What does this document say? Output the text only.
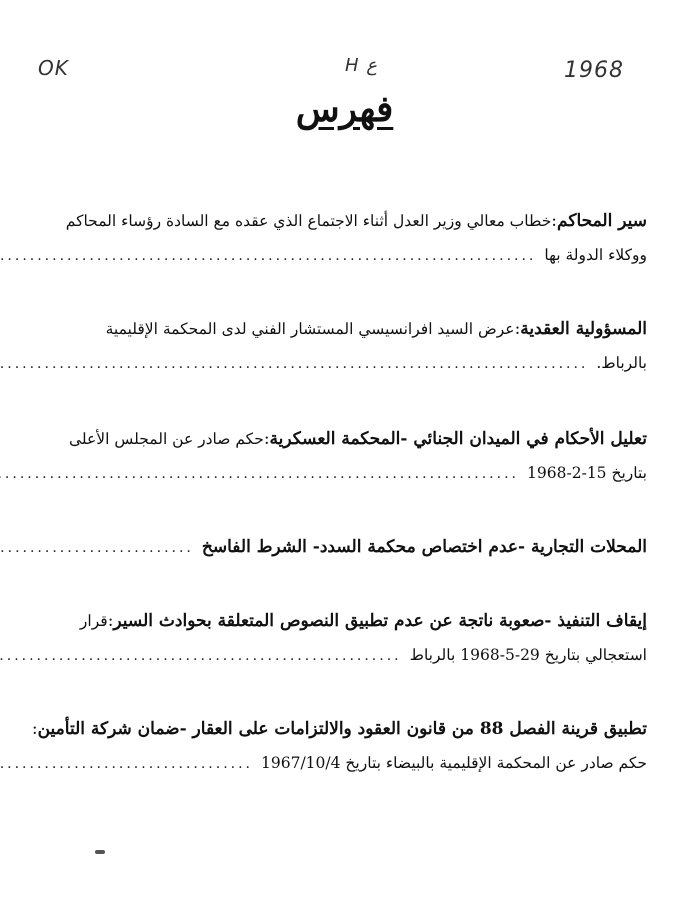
OK	H ع	1968
فهرس
سير المحاكم
:
خطاب معالي وزير العدل أثناء الاجتماع الذي عقده مع السادة رؤساء المحاكم
ووكلاء الدولة بها
.....
المسؤولية العقدية
:
عرض السيد افرانسيسي المستشار الفني لدى المحكمة الإقليمية
بالرباط.
.....
تعليل الأحكام في الميدان الجنائي -المحكمة العسكرية
:
حكم صادر عن المجلس الأعلى
بتاريخ 15-2-1968
.....
المحلات التجارية -عدم اختصاص محكمة السدد- الشرط الفاسخ
.....
إيقاف التنفيذ -صعوبة ناتجة عن عدم تطبيق النصوص المتعلقة بحوادث السير
:
قرار
استعجالي بتاريخ 29-5-1968 بالرباط
.....
تطبيق قرينة الفصل 88 من قانون العقود والالتزامات على العقار -ضمان شركة التأمين
:
حكم صادر عن المحكمة الإقليمية بالبيضاء بتاريخ 1967/10/4
.....
